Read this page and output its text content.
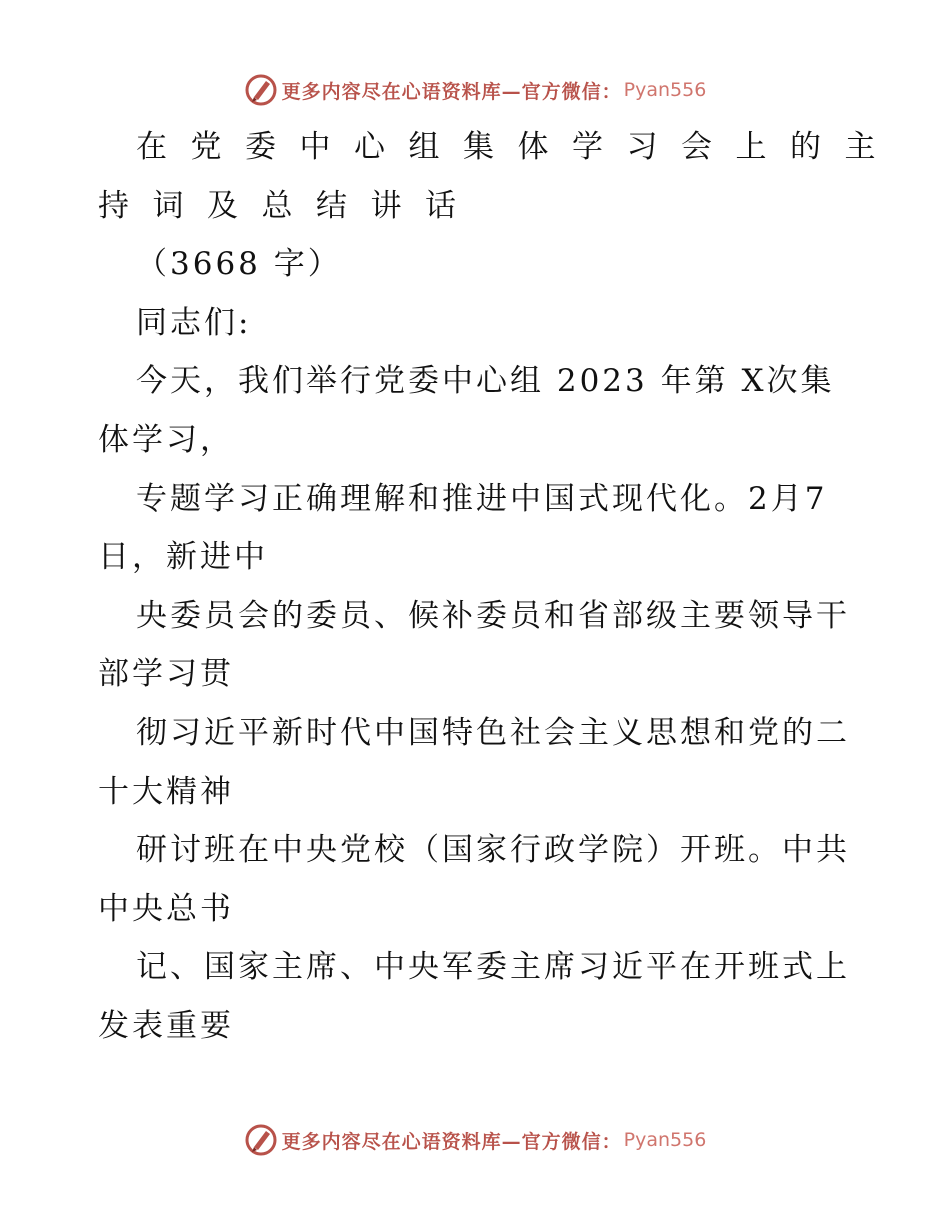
更多内容尽在心语资料库—官方微信： Pyan556
在党委中心组集体学习会上的主
持词及总结讲话
（3668 字）
同志们:
今天，我们举行党委中心组 2023 年第 X次集
体学习，
专题学习正确理解和推进中国式现代化。2月7
日，新进中
央委员会的委员、候补委员和省部级主要领导干
部学习贯
彻习近平新时代中国特色社会主义思想和党的二
十大精神
研讨班在中央党校（国家行政学院）开班。中共
中央总书
记、国家主席、中央军委主席习近平在开班式上
发表重要
更多内容尽在心语资料库—官方微信： Pyan556
